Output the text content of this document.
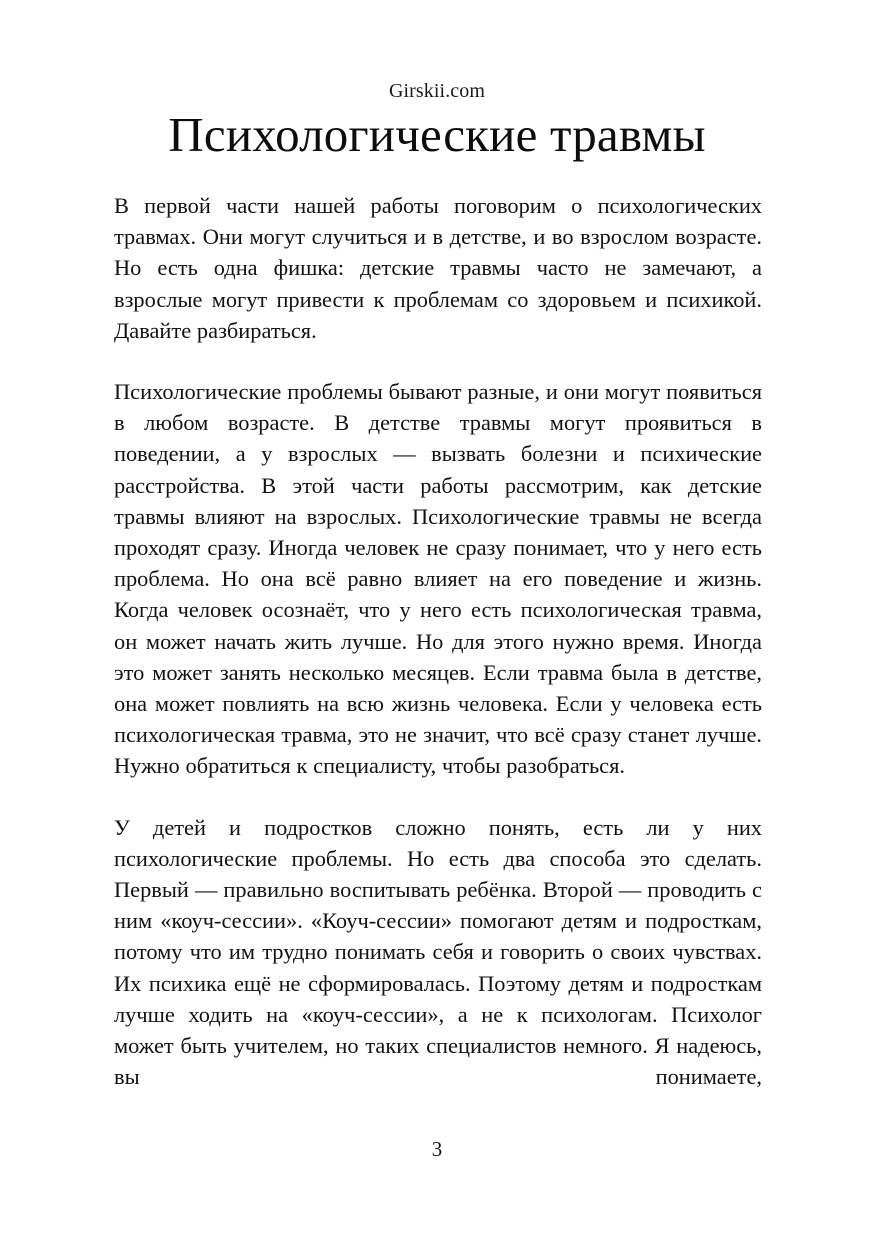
Girskii.com
Психологические травмы

В первой части нашей работы поговорим о психологических травмах. Они могут случиться и в детстве, и во взрослом возрасте. Но есть одна фишка: детские травмы часто не замечают, а взрослые могут привести к проблемам со здоровьем и психикой. Давайте разбираться.

Психологические проблемы бывают разные, и они могут появиться в любом возрасте. В детстве травмы могут проявиться в поведении, а у взрослых — вызвать болезни и психические расстройства. В этой части работы рассмотрим, как детские травмы влияют на взрослых. Психологические травмы не всегда проходят сразу. Иногда человек не сразу понимает, что у него есть проблема. Но она всё равно влияет на его поведение и жизнь. Когда человек осознаёт, что у него есть психологическая травма, он может начать жить лучше. Но для этого нужно время. Иногда это может занять несколько месяцев. Если травма была в детстве, она может повлиять на всю жизнь человека. Если у человека есть психологическая травма, это не значит, что всё сразу станет лучше. Нужно обратиться к специалисту, чтобы разобраться.

У детей и подростков сложно понять, есть ли у них психологические проблемы. Но есть два способа это сделать. Первый — правильно воспитывать ребёнка. Второй — проводить с ним «коуч-сессии». «Коуч-сессии» помогают детям и подросткам, потому что им трудно понимать себя и говорить о своих чувствах. Их психика ещё не сформировалась. Поэтому детям и подросткам лучше ходить на «коуч-сессии», а не к психологам. Психолог может быть учителем, но таких специалистов немного. Я надеюсь, вы понимаете,

3
